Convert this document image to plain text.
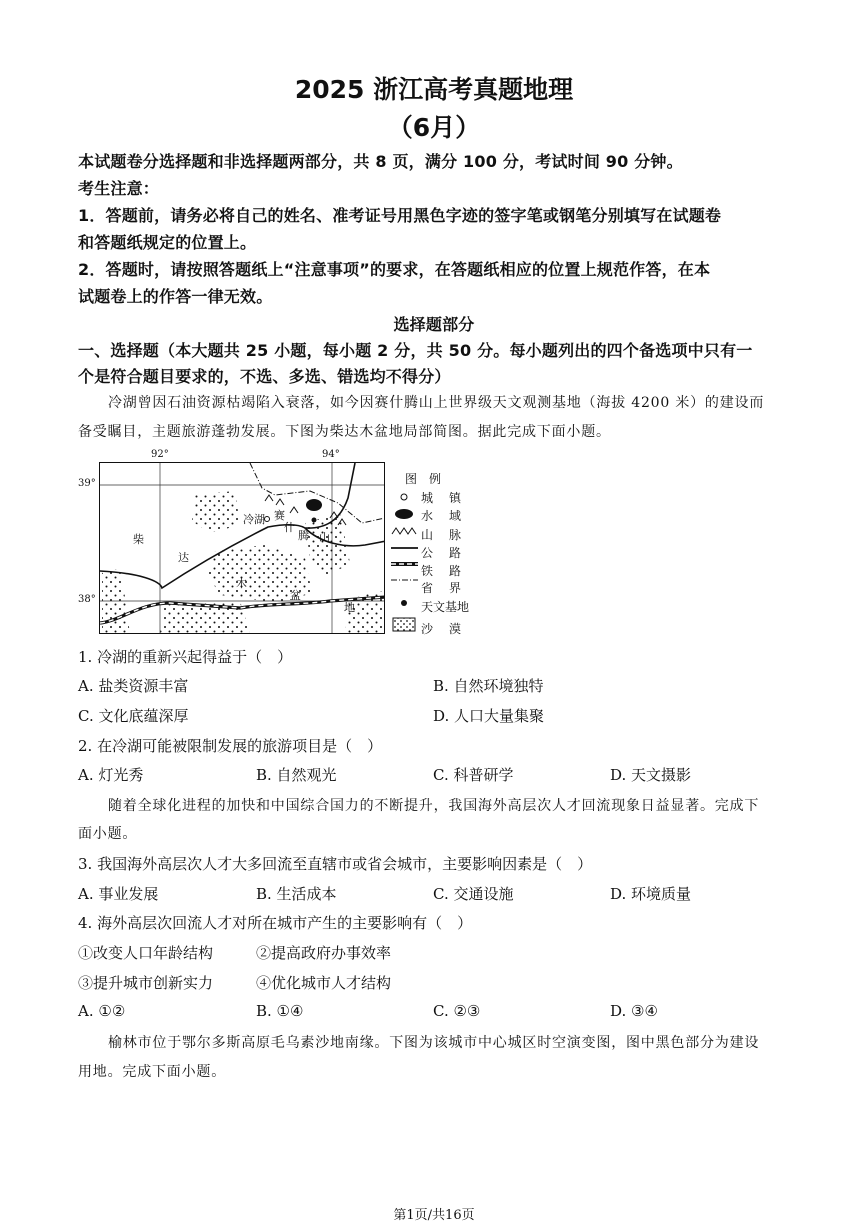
2025 浙江高考真题地理
（6月）
本试题卷分选择题和非选择题两部分，共 8 页，满分 100 分，考试时间 90 分钟。
考生注意：
1．答题前，请务必将自己的姓名、准考证号用黑色字迹的签字笔或钢笔分别填写在试题卷
和答题纸规定的位置上。
2．答题时，请按照答题纸上“注意事项”的要求，在答题纸相应的位置上规范作答，在本
试题卷上的作答一律无效。
选择题部分
一、选择题（本大题共 25 小题，每小题 2 分，共 50 分。每小题列出的四个备选项中只有一
个是符合题目要求的，不选、多选、错选均不得分）
冷湖曾因石油资源枯竭陷入衰落，如今因赛什腾山上世界级天文观测基地（海拔 4200 米）的建设而
备受瞩目，主题旅游蓬勃发展。下图为柴达木盆地局部简图。据此完成下面小题。
92°	94°
39°
38°
柴
达
木
盆
地
冷湖 赛
什
腾 山
图　例
城　镇
水　域
山　脉
公　路
铁　路
省　界
天文基地
沙　漠
1. 冷湖的重新兴起得益于（　）
A. 盐类资源丰富	B. 自然环境独特
C. 文化底蕴深厚	D. 人口大量集聚
2. 在冷湖可能被限制发展的旅游项目是（　）
A. 灯光秀	B. 自然观光	C. 科普研学	D. 天文摄影
随着全球化进程的加快和中国综合国力的不断提升，我国海外高层次人才回流现象日益显著。完成下
面小题。
3. 我国海外高层次人才大多回流至直辖市或省会城市，主要影响因素是（　）
A. 事业发展	B. 生活成本	C. 交通设施	D. 环境质量
4. 海外高层次回流人才对所在城市产生的主要影响有（　）
①改变人口年龄结构	②提高政府办事效率
③提升城市创新实力	④优化城市人才结构
A. ①②	B. ①④	C. ②③	D. ③④
榆林市位于鄂尔多斯高原毛乌素沙地南缘。下图为该城市中心城区时空演变图，图中黑色部分为建设
用地。完成下面小题。
第1页/共16页
